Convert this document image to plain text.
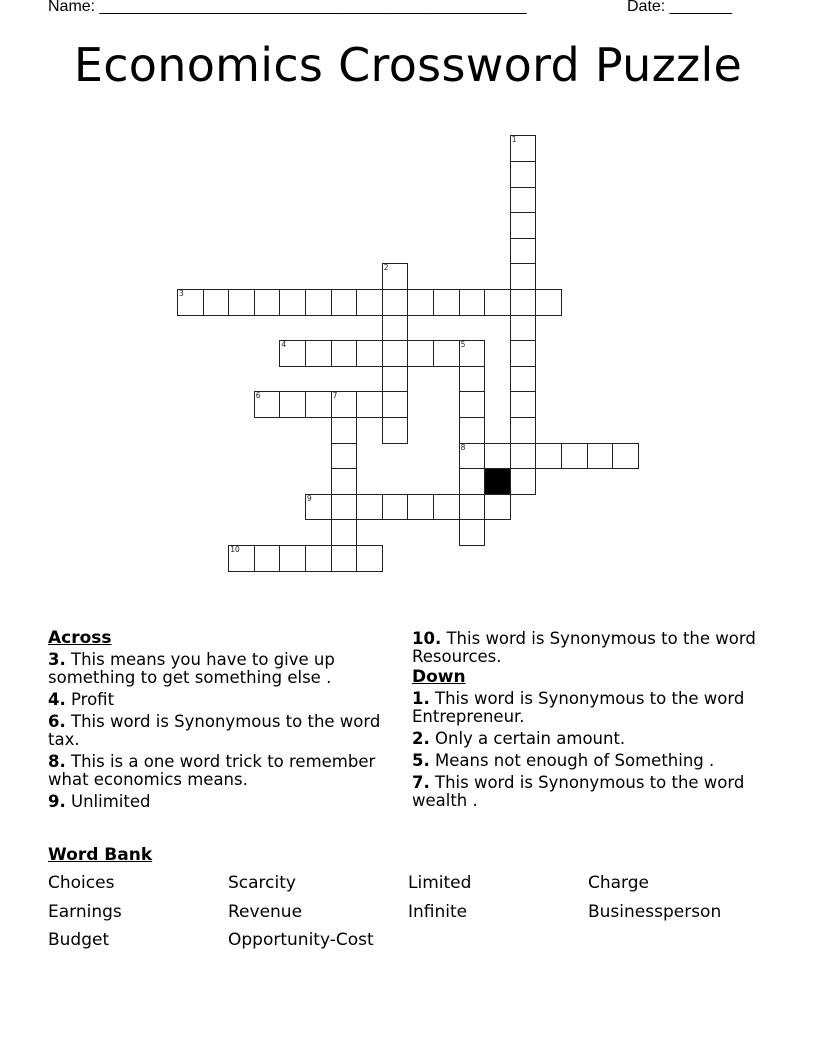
Name: ________________________________________________	Date: _______
Economics Crossword Puzzle
1
2
3
4	5
8
6	7
9
10
Across
3. This means you have to give up something to get something else .
4. Profit
6. This word is Synonymous to the word tax.
8. This is a one word trick to remember what economics means.
9. Unlimited
10. This word is Synonymous to the word Resources.
Down
1. This word is Synonymous to the word Entrepreneur.
2. Only a certain amount.
5. Means not enough of Something .
7. This word is Synonymous to the word wealth .
Word Bank
Choices	Scarcity	Limited	Charge
Earnings	Revenue	Infinite	Businessperson
Budget	Opportunity-Cost
